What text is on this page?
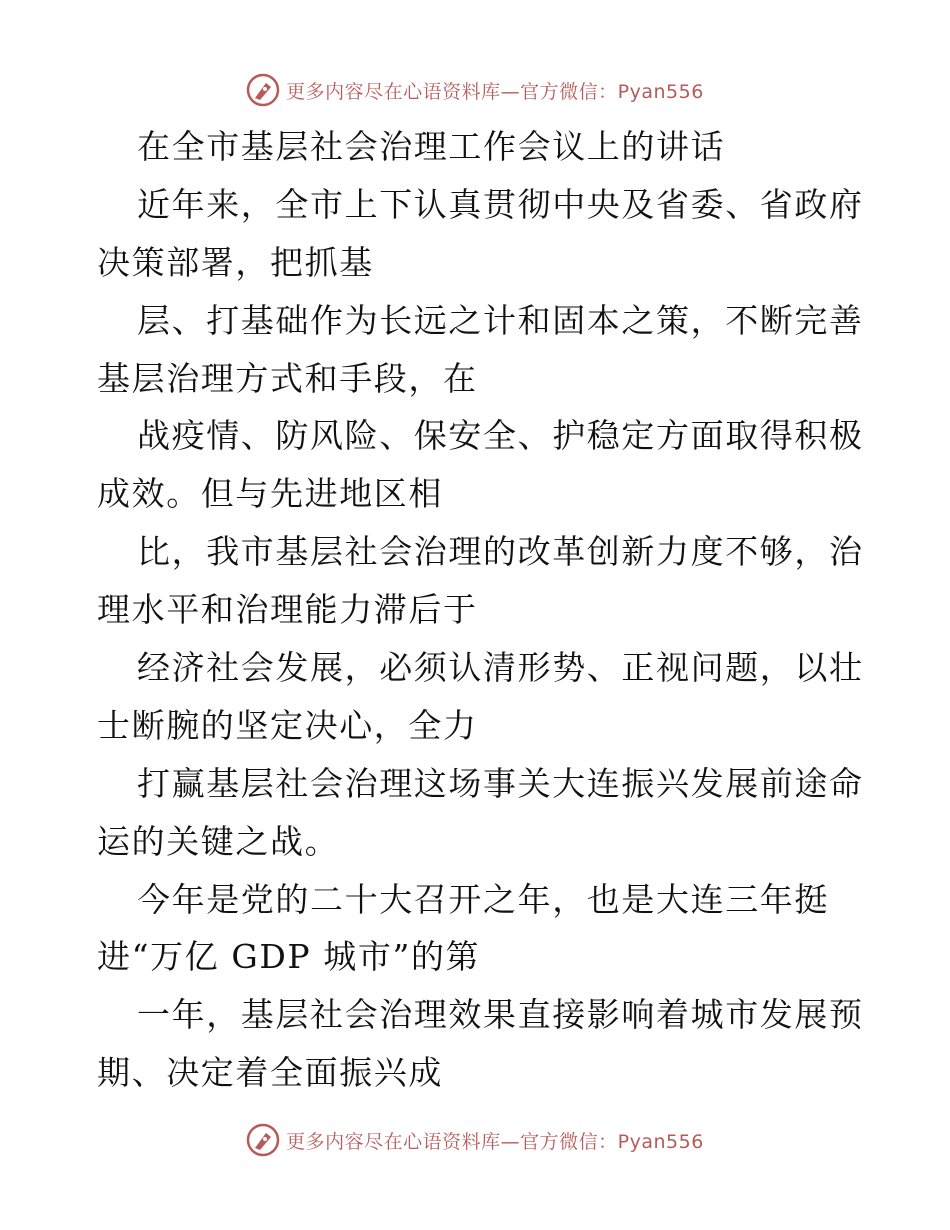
更多内容尽在心语资料库—官方微信：Pyan556
在全市基层社会治理工作会议上的讲话
近年来，全市上下认真贯彻中央及省委、省政府
决策部署，把抓基
层、打基础作为长远之计和固本之策，不断完善
基层治理方式和手段，在
战疫情、防风险、保安全、护稳定方面取得积极
成效。但与先进地区相
比，我市基层社会治理的改革创新力度不够，治
理水平和治理能力滞后于
经济社会发展，必须认清形势、正视问题，以壮
士断腕的坚定决心，全力
打赢基层社会治理这场事关大连振兴发展前途命
运的关键之战。
今年是党的二十大召开之年，也是大连三年挺
进“万亿 GDP 城市”的第
一年，基层社会治理效果直接影响着城市发展预
期、决定着全面振兴成
更多内容尽在心语资料库—官方微信：Pyan556
